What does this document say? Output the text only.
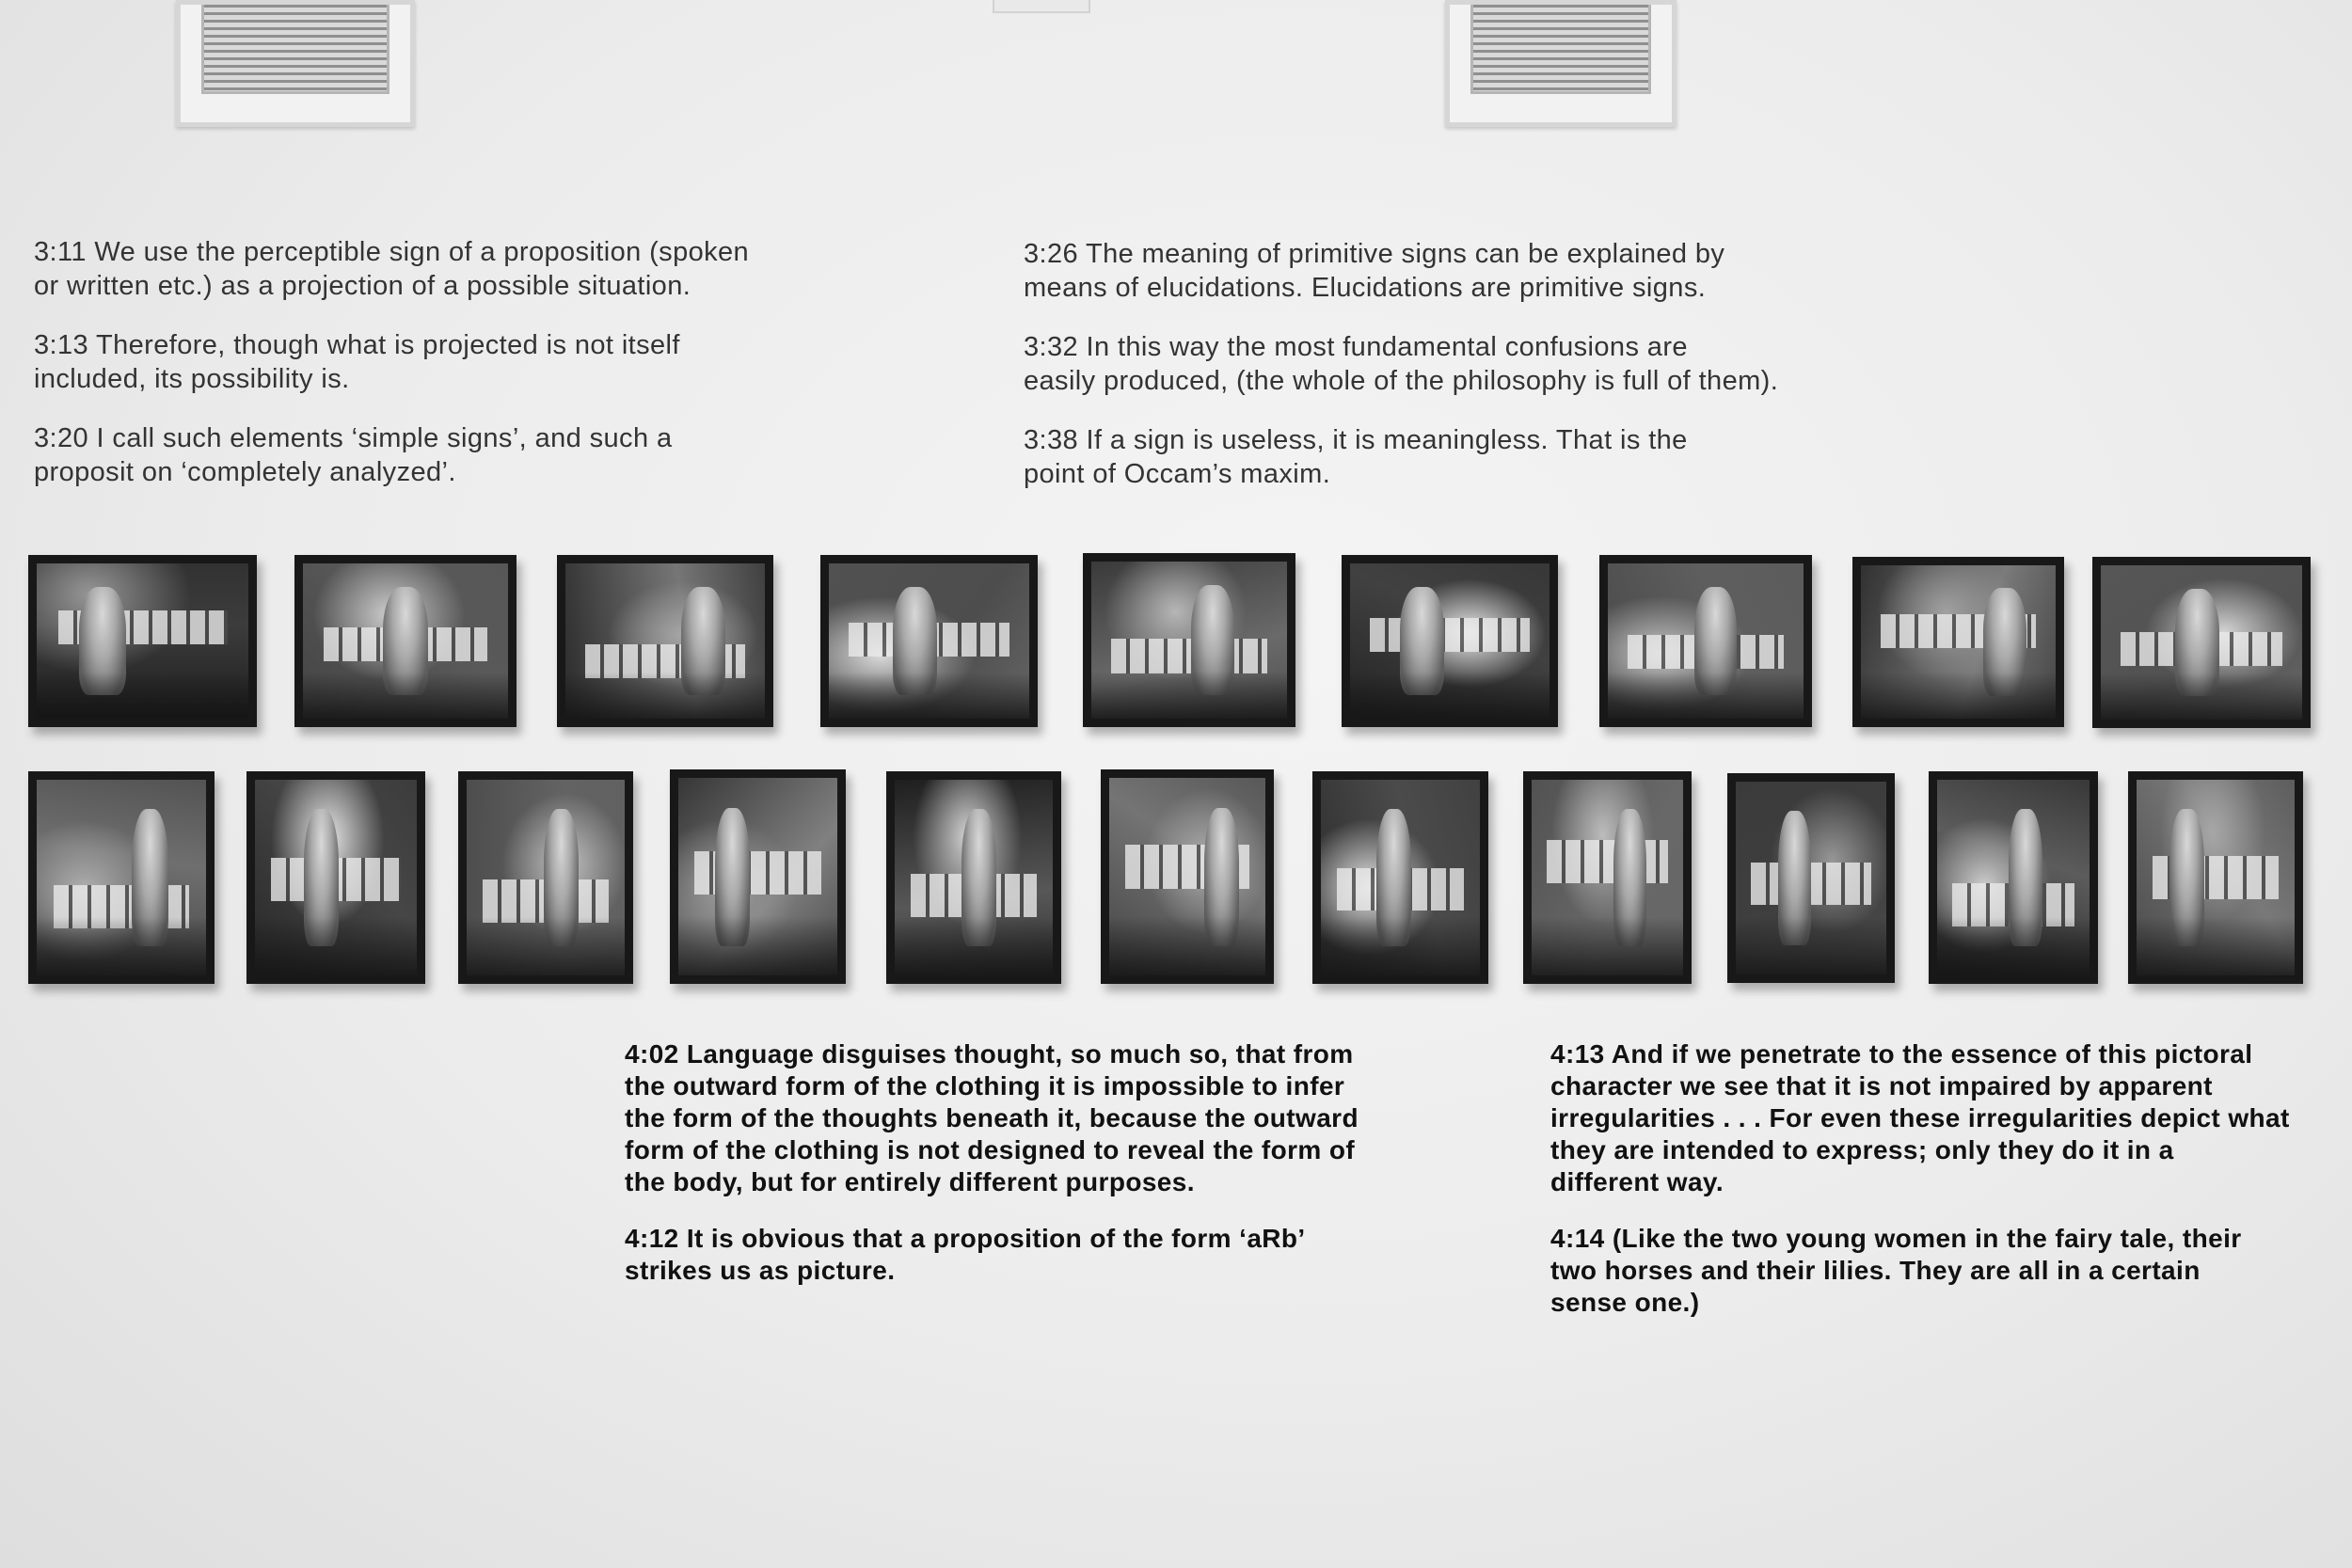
3:11 We use the perceptible sign of a proposition (spoken
or written etc.) as a projection of a possible situation.

3:13 Therefore, though what is projected is not itself
included, its possibility is.

3:20 I call such elements ‘simple signs’, and such a
proposit on ‘completely analyzed’.

3:26 The meaning of primitive signs can be explained by
means of elucidations. Elucidations are primitive signs.

3:32 In this way the most fundamental confusions are
easily produced, (the whole of the philosophy is full of them).

3:38 If a sign is useless, it is meaningless. That is the
point of Occam’s maxim.

4:02 Language disguises thought, so much so, that from
the outward form of the clothing it is impossible to infer
the form of the thoughts beneath it, because the outward
form of the clothing is not designed to reveal the form of
the body, but for entirely different purposes.

4:12 It is obvious that a proposition of the form ‘aRb’
strikes us as picture.

4:13 And if we penetrate to the essence of this pictoral
character we see that it is not impaired by apparent
irregularities . . . For even these irregularities depict what
they are intended to express; only they do it in a
different way.

4:14 (Like the two young women in the fairy tale, their
two horses and their lilies. They are all in a certain
sense one.)
